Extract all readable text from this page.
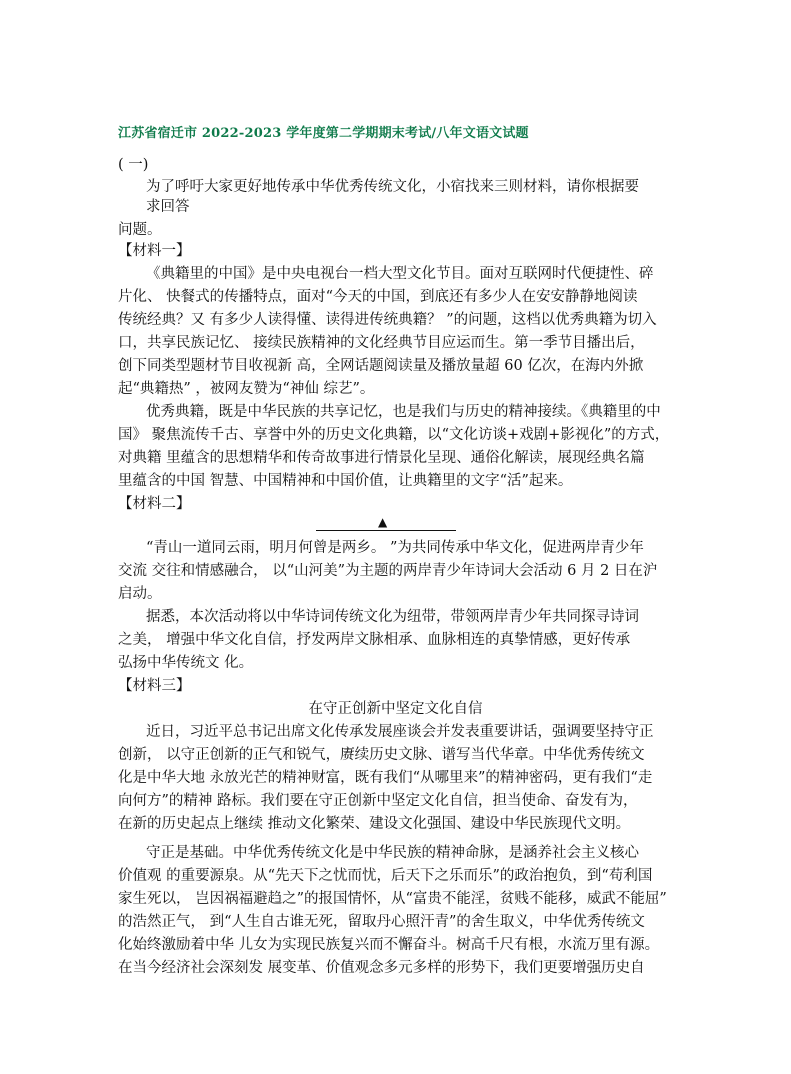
江苏省宿迁市 2022-2023 学年度第二学期期末考试/八年文语文试题
( 一)
为了呼吁大家更好地传承中华优秀传统文化，小宿找来三则材料，请你根据要
求回答
问题。
【材料一】
《典籍里的中国》是中央电视台一档大型文化节目。面对互联网时代便捷性、碎
片化、 快餐式的传播特点，面对“今天的中国，到底还有多少人在安安静静地阅读
传统经典？又 有多少人读得懂、读得进传统典籍？ ”的问题，这档以优秀典籍为切入
口，共享民族记忆、 接续民族精神的文化经典节目应运而生。第一季节目播出后，
创下同类型题材节目收视新 高，全网话题阅读量及播放量超 60 亿次，在海内外掀
起“典籍热” ，被网友赞为“神仙 综艺”。
优秀典籍，既是中华民族的共享记忆，也是我们与历史的精神接续。《典籍里的中
国》 聚焦流传千古、享誉中外的历史文化典籍，以“文化访谈+戏剧+影视化”的方式，
对典籍 里蕴含的思想精华和传奇故事进行情景化呈现、通俗化解读，展现经典名篇
里蕴含的中国 智慧、中国精神和中国价值，让典籍里的文字“活”起来。
【材料二】
▲
“青山一道同云雨，明月何曾是两乡。 ”为共同传承中华文化，促进两岸青少年
交流 交往和情感融合， 以“山河美”为主题的两岸青少年诗词大会活动 6 月 2 日在沪
启动。
据悉，本次活动将以中华诗词传统文化为纽带，带领两岸青少年共同探寻诗词
之美， 增强中华文化自信，抒发两岸文脉相承、血脉相连的真挚情感，更好传承
弘扬中华传统文 化。
【材料三】
在守正创新中坚定文化自信
近日，习近平总书记出席文化传承发展座谈会并发表重要讲话，强调要坚持守正
创新， 以守正创新的正气和锐气，赓续历史文脉、谱写当代华章。中华优秀传统文
化是中华大地 永放光芒的精神财富，既有我们“从哪里来”的精神密码，更有我们“走
向何方”的精神 路标。我们要在守正创新中坚定文化自信，担当使命、奋发有为，
在新的历史起点上继续 推动文化繁荣、建设文化强国、建设中华民族现代文明。
守正是基础。中华优秀传统文化是中华民族的精神命脉，是涵养社会主义核心
价值观 的重要源泉。从“先天下之忧而忧，后天下之乐而乐”的政治抱负，到“苟利国
家生死以， 岂因祸福避趋之”的报国情怀，从“富贵不能淫，贫贱不能移，威武不能屈”
的浩然正气， 到“人生自古谁无死，留取丹心照汗青”的舍生取义，中华优秀传统文
化始终激励着中华 儿女为实现民族复兴而不懈奋斗。树高千尺有根，水流万里有源。
在当今经济社会深刻发 展变革、价值观念多元多样的形势下，我们更要增强历史自
